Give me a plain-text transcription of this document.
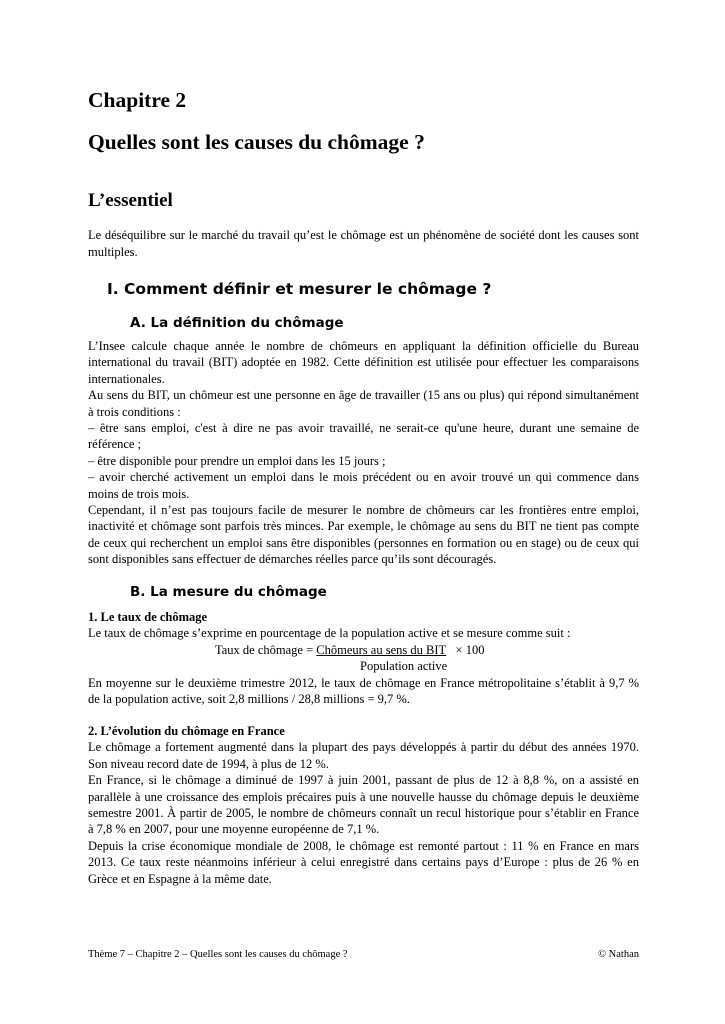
Chapitre 2
Quelles sont les causes du chômage ?
L’essentiel

Le déséquilibre sur le marché du travail qu’est le chômage est un phénomène de société dont les causes sont multiples.

I. Comment définir et mesurer le chômage ?
A. La définition du chômage

L’Insee calcule chaque année le nombre de chômeurs en appliquant la définition officielle du Bureau international du travail (BIT) adoptée en 1982. Cette définition est utilisée pour effectuer les comparaisons internationales.

Au sens du BIT, un chômeur est une personne en âge de travailler (15 ans ou plus) qui répond simultanément à trois conditions :

– être sans emploi, c'est à dire ne pas avoir travaillé, ne serait-ce qu'une heure, durant une semaine de référence ;

– être disponible pour prendre un emploi dans les 15 jours ;

– avoir cherché activement un emploi dans le mois précédent ou en avoir trouvé un qui commence dans moins de trois mois.

Cependant, il n’est pas toujours facile de mesurer le nombre de chômeurs car les frontières entre emploi, inactivité et chômage sont parfois très minces. Par exemple, le chômage au sens du BIT ne tient pas compte de ceux qui recherchent un emploi sans être disponibles (personnes en formation ou en stage) ou de ceux qui sont disponibles sans effectuer de démarches réelles parce qu’ils sont découragés.

B. La mesure du chômage

1. Le taux de chômage

Le taux de chômage s’exprime en pourcentage de la population active et se mesure comme suit :

Taux de chômage = Chômeurs au sens du BIT × 100
Population active

En moyenne sur le deuxième trimestre 2012, le taux de chômage en France métropolitaine s’établit à 9,7 % de la population active, soit 2,8 millions / 28,8 millions = 9,7 %.

2. L’évolution du chômage en France

Le chômage a fortement augmenté dans la plupart des pays développés à partir du début des années 1970. Son niveau record date de 1994, à plus de 12 %.

En France, si le chômage a diminué de 1997 à juin 2001, passant de plus de 12 à 8,8 %, on a assisté en parallèle à une croissance des emplois précaires puis à une nouvelle hausse du chômage depuis le deuxième semestre 2001. À partir de 2005, le nombre de chômeurs connaît un recul historique pour s’établir en France à 7,8 % en 2007, pour une moyenne européenne de 7,1 %.

Depuis la crise économique mondiale de 2008, le chômage est remonté partout : 11 % en France en mars 2013. Ce taux reste néanmoins inférieur à celui enregistré dans certains pays d’Europe : plus de 26 % en Grèce et en Espagne à la même date.

Thème 7 – Chapitre 2 – Quelles sont les causes du chômage ?	© Nathan
